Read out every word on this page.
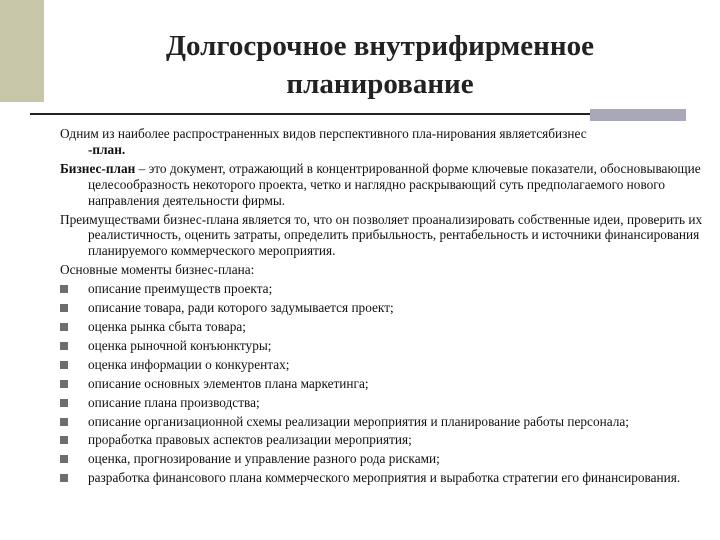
Долгосрочное внутрифирменное
планирование

Одним из наиболее распространенных видов перспективного пла-нирования являетсябизнес
-план.

Бизнес-план – это документ, отражающий в концентрированной форме ключевые показатели, обосновывающие целесообразность некоторого проекта, четко и наглядно раскрывающий суть предполагаемого нового направления деятельности фирмы.

Преимуществами бизнес-плана является то, что он позволяет проанализировать собственные идеи, проверить их реалистичность, оценить затраты, определить прибыльность, рентабельность и источники финансирования планируемого коммерческого мероприятия.

Основные моменты бизнес-плана:

описание преимуществ проекта;
описание товара, ради которого задумывается проект;
оценка рынка сбыта товара;
оценка рыночной конъюнктуры;
оценка информации о конкурентах;
описание основных элементов плана маркетинга;
описание плана производства;
описание организационной схемы реализации мероприятия и планирование работы персонала;
проработка правовых аспектов реализации мероприятия;
оценка, прогнозирование и управление разного рода рисками;
разработка финансового плана коммерческого мероприятия и выработка стратегии его финансирования.
